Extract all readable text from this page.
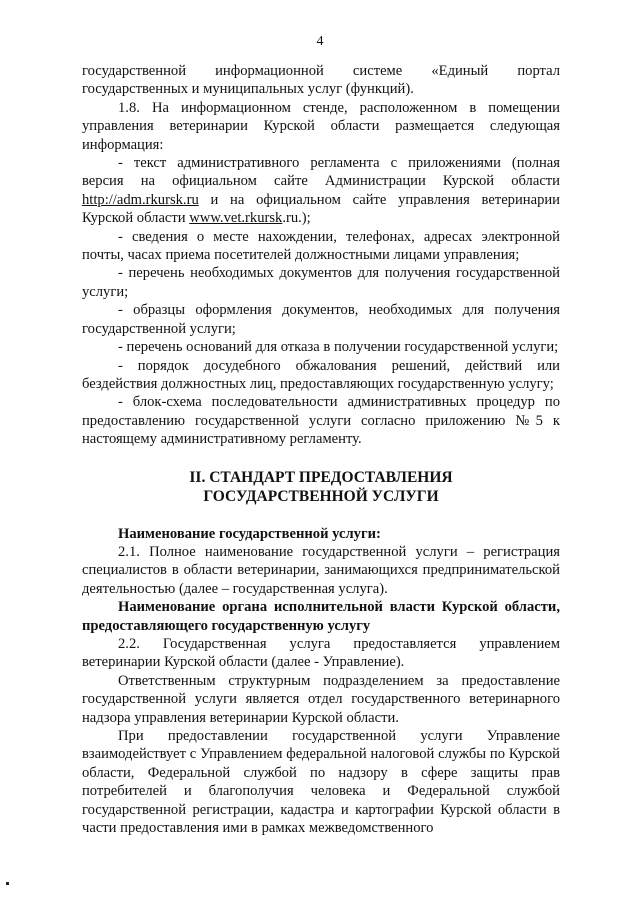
4

государственной информационной системе «Единый портал государственных и муниципальных услуг (функций).

1.8. На информационном стенде, расположенном в помещении управления ветеринарии Курской области размещается следующая информация:

- текст административного регламента с приложениями (полная версия на официальном сайте Администрации Курской области http://adm.rkursk.ru и на официальном сайте управления ветеринарии Курской области www.vet.rkursk.ru.);

- сведения о месте нахождении, телефонах, адресах электронной почты, часах приема посетителей должностными лицами управления;

- перечень необходимых документов для получения государственной услуги;

- образцы оформления документов, необходимых для получения государственной услуги;

- перечень оснований для отказа в получении государственной услуги;

- порядок досудебного обжалования решений, действий или бездействия должностных лиц, предоставляющих государственную услугу;

- блок-схема последовательности административных процедур по предоставлению государственной услуги согласно приложению №5 к настоящему административному регламенту.

II. СТАНДАРТ ПРЕДОСТАВЛЕНИЯ
ГОСУДАРСТВЕННОЙ УСЛУГИ

Наименование государственной услуги:

2.1. Полное наименование государственной услуги – регистрация специалистов в области ветеринарии, занимающихся предпринимательской деятельностью (далее – государственная услуга).

Наименование органа исполнительной власти Курской области, предоставляющего государственную услугу

2.2. Государственная услуга предоставляется управлением ветеринарии Курской области (далее - Управление).

Ответственным структурным подразделением за предоставление государственной услуги является отдел государственного ветеринарного надзора управления ветеринарии Курской области.

При предоставлении государственной услуги Управление взаимодействует с Управлением федеральной налоговой службы по Курской области, Федеральной службой по надзору в сфере защиты прав потребителей и благополучия человека и Федеральной службой государственной регистрации, кадастра и картографии Курской области в части предоставления ими в рамках межведомственного
